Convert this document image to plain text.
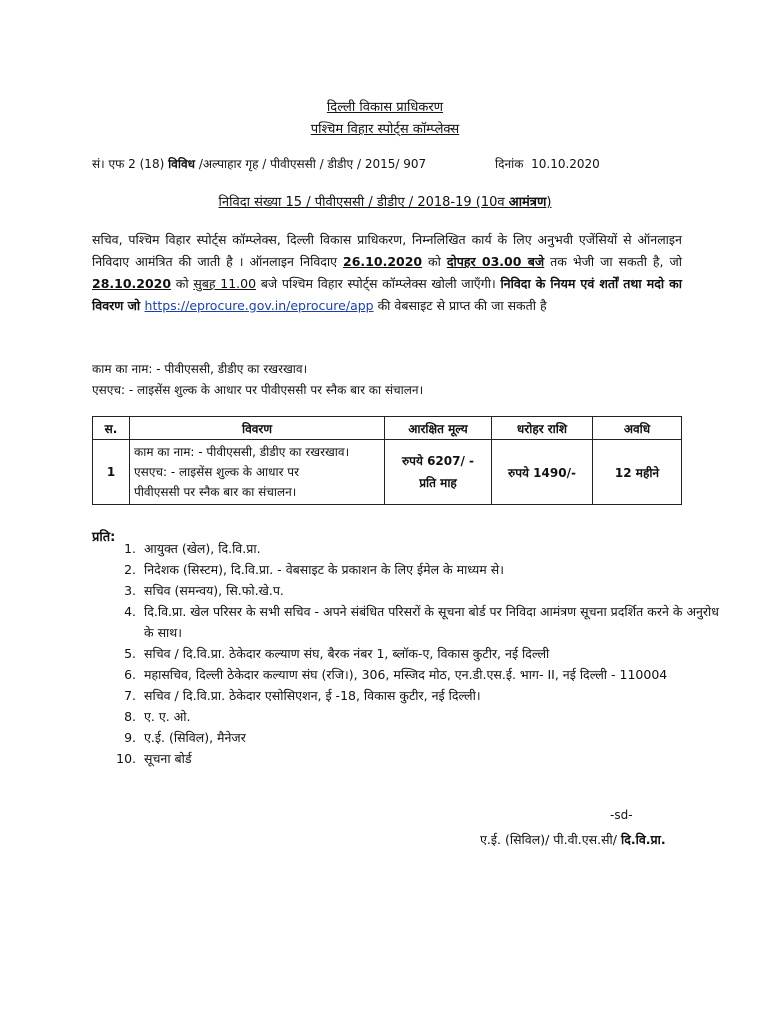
दिल्ली विकास प्राधिकरण
पश्चिम विहार स्पोर्ट्स कॉम्प्लेक्स
सं। एफ 2 (18) विविध /अल्पाहार गृह / पीवीएससी / डीडीए / 2015/ 907	दिनांक 10.10.2020
निविदा संख्या 15 / पीवीएससी / डीडीए / 2018-19 (10व आमंत्रण)
सचिव, पश्चिम विहार स्पोर्ट्स कॉम्प्लेक्स, दिल्ली विकास प्राधिकरण, निम्नलिखित कार्य के लिए अनुभवी एजेंसियों से ऑनलाइन निविदाए आमंत्रित की जाती है । ऑनलाइन निविदाए 26.10.2020 को दोपहर 03.00 बजे तक भेजी जा सकती है, जो 28.10.2020 को सुबह 11.00 बजे पश्चिम विहार स्पोर्ट्स कॉम्प्लेक्स खोली जाएँगी। निविदा के नियम एवं शर्तों तथा मदो का विवरण जो https://eprocure.gov.in/eprocure/app की वेबसाइट से प्राप्त की जा सकती है
काम का नाम: - पीवीएससी, डीडीए का रखरखाव।
एसएच: - लाइसेंस शुल्क के आधार पर पीवीएससी पर स्नैक बार का संचालन।
स.	विवरण	आरक्षित मूल्य	धरोहर राशि	अवधि
1	काम का नाम: - पीवीएससी, डीडीए का रखरखाव।
एसएच: - लाइसेंस शुल्क के आधार पर
पीवीएससी पर स्नैक बार का संचालन।	रुपये 6207/ -
प्रति माह	रुपये 1490/-	12 महीने
प्रति:
1. आयुक्त (खेल), दि.वि.प्रा.
2. निदेशक (सिस्टम), दि.वि.प्रा. - वेबसाइट के प्रकाशन के लिए ईमेल के माध्यम से।
3. सचिव (समन्वय), सि.फो.खे.प.
4. दि.वि.प्रा. खेल परिसर के सभी सचिव - अपने संबंधित परिसरों के सूचना बोर्ड पर निविदा आमंत्रण सूचना प्रदर्शित करने के अनुरोध के साथ।
5. सचिव / दि.वि.प्रा. ठेकेदार कल्याण संघ, बैरक नंबर 1, ब्लॉक-ए, विकास कुटीर, नई दिल्ली
6. महासचिव, दिल्ली ठेकेदार कल्याण संघ (रजि।), 306, मस्जिद मोठ, एन.डी.एस.ई. भाग- II, नई दिल्ली - 110004
7. सचिव / दि.वि.प्रा. ठेकेदार एसोसिएशन, ई -18, विकास कुटीर, नई दिल्ली।
8. ए. ए. ओ.
9. ए.ई. (सिविल), मैनेजर
10. सूचना बोर्ड
-sd-
ए.ई. (सिविल)/ पी.वी.एस.सी/ दि.वि.प्रा.
